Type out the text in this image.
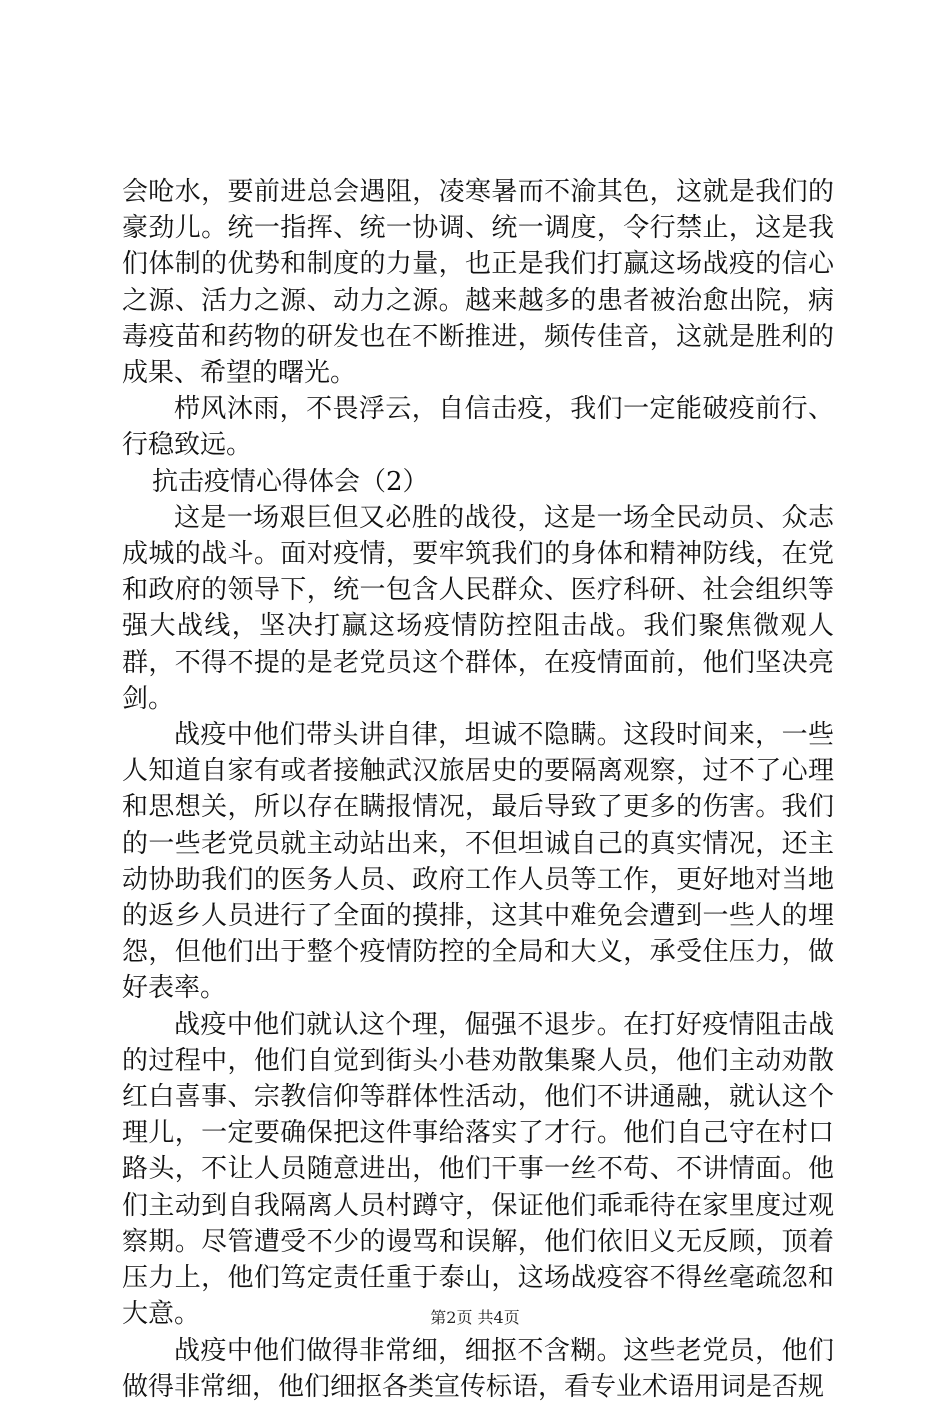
会呛水，要前进总会遇阻，凌寒暑而不渝其色，这就是我们的豪劲儿。统一指挥、统一协调、统一调度，令行禁止，这是我们体制的优势和制度的力量，也正是我们打赢这场战疫的信心之源、活力之源、动力之源。越来越多的患者被治愈出院，病毒疫苗和药物的研发也在不断推进，频传佳音，这就是胜利的成果、希望的曙光。

栉风沐雨，不畏浮云，自信击疫，我们一定能破疫前行、行稳致远。

抗击疫情心得体会（2）

这是一场艰巨但又必胜的战役，这是一场全民动员、众志成城的战斗。面对疫情，要牢筑我们的身体和精神防线，在党和政府的领导下，统一包含人民群众、医疗科研、社会组织等强大战线，坚决打赢这场疫情防控阻击战。我们聚焦微观人群，不得不提的是老党员这个群体，在疫情面前，他们坚决亮剑。

战疫中他们带头讲自律，坦诚不隐瞒。这段时间来，一些人知道自家有或者接触武汉旅居史的要隔离观察，过不了心理和思想关，所以存在瞒报情况，最后导致了更多的伤害。我们的一些老党员就主动站出来，不但坦诚自己的真实情况，还主动协助我们的医务人员、政府工作人员等工作，更好地对当地的返乡人员进行了全面的摸排，这其中难免会遭到一些人的埋怨，但他们出于整个疫情防控的全局和大义，承受住压力，做好表率。

战疫中他们就认这个理，倔强不退步。在打好疫情阻击战的过程中，他们自觉到街头小巷劝散集聚人员，他们主动劝散红白喜事、宗教信仰等群体性活动，他们不讲通融，就认这个理儿，一定要确保把这件事给落实了才行。他们自己守在村口路头，不让人员随意进出，他们干事一丝不苟、不讲情面。他们主动到自我隔离人员村蹲守，保证他们乖乖待在家里度过观察期。尽管遭受不少的谩骂和误解，他们依旧义无反顾，顶着压力上，他们笃定责任重于泰山，这场战疫容不得丝毫疏忽和大意。

战疫中他们做得非常细，细抠不含糊。这些老党员，他们做得非常细，他们细抠各类宣传标语，看专业术语用词是否规

第2页 共4页
